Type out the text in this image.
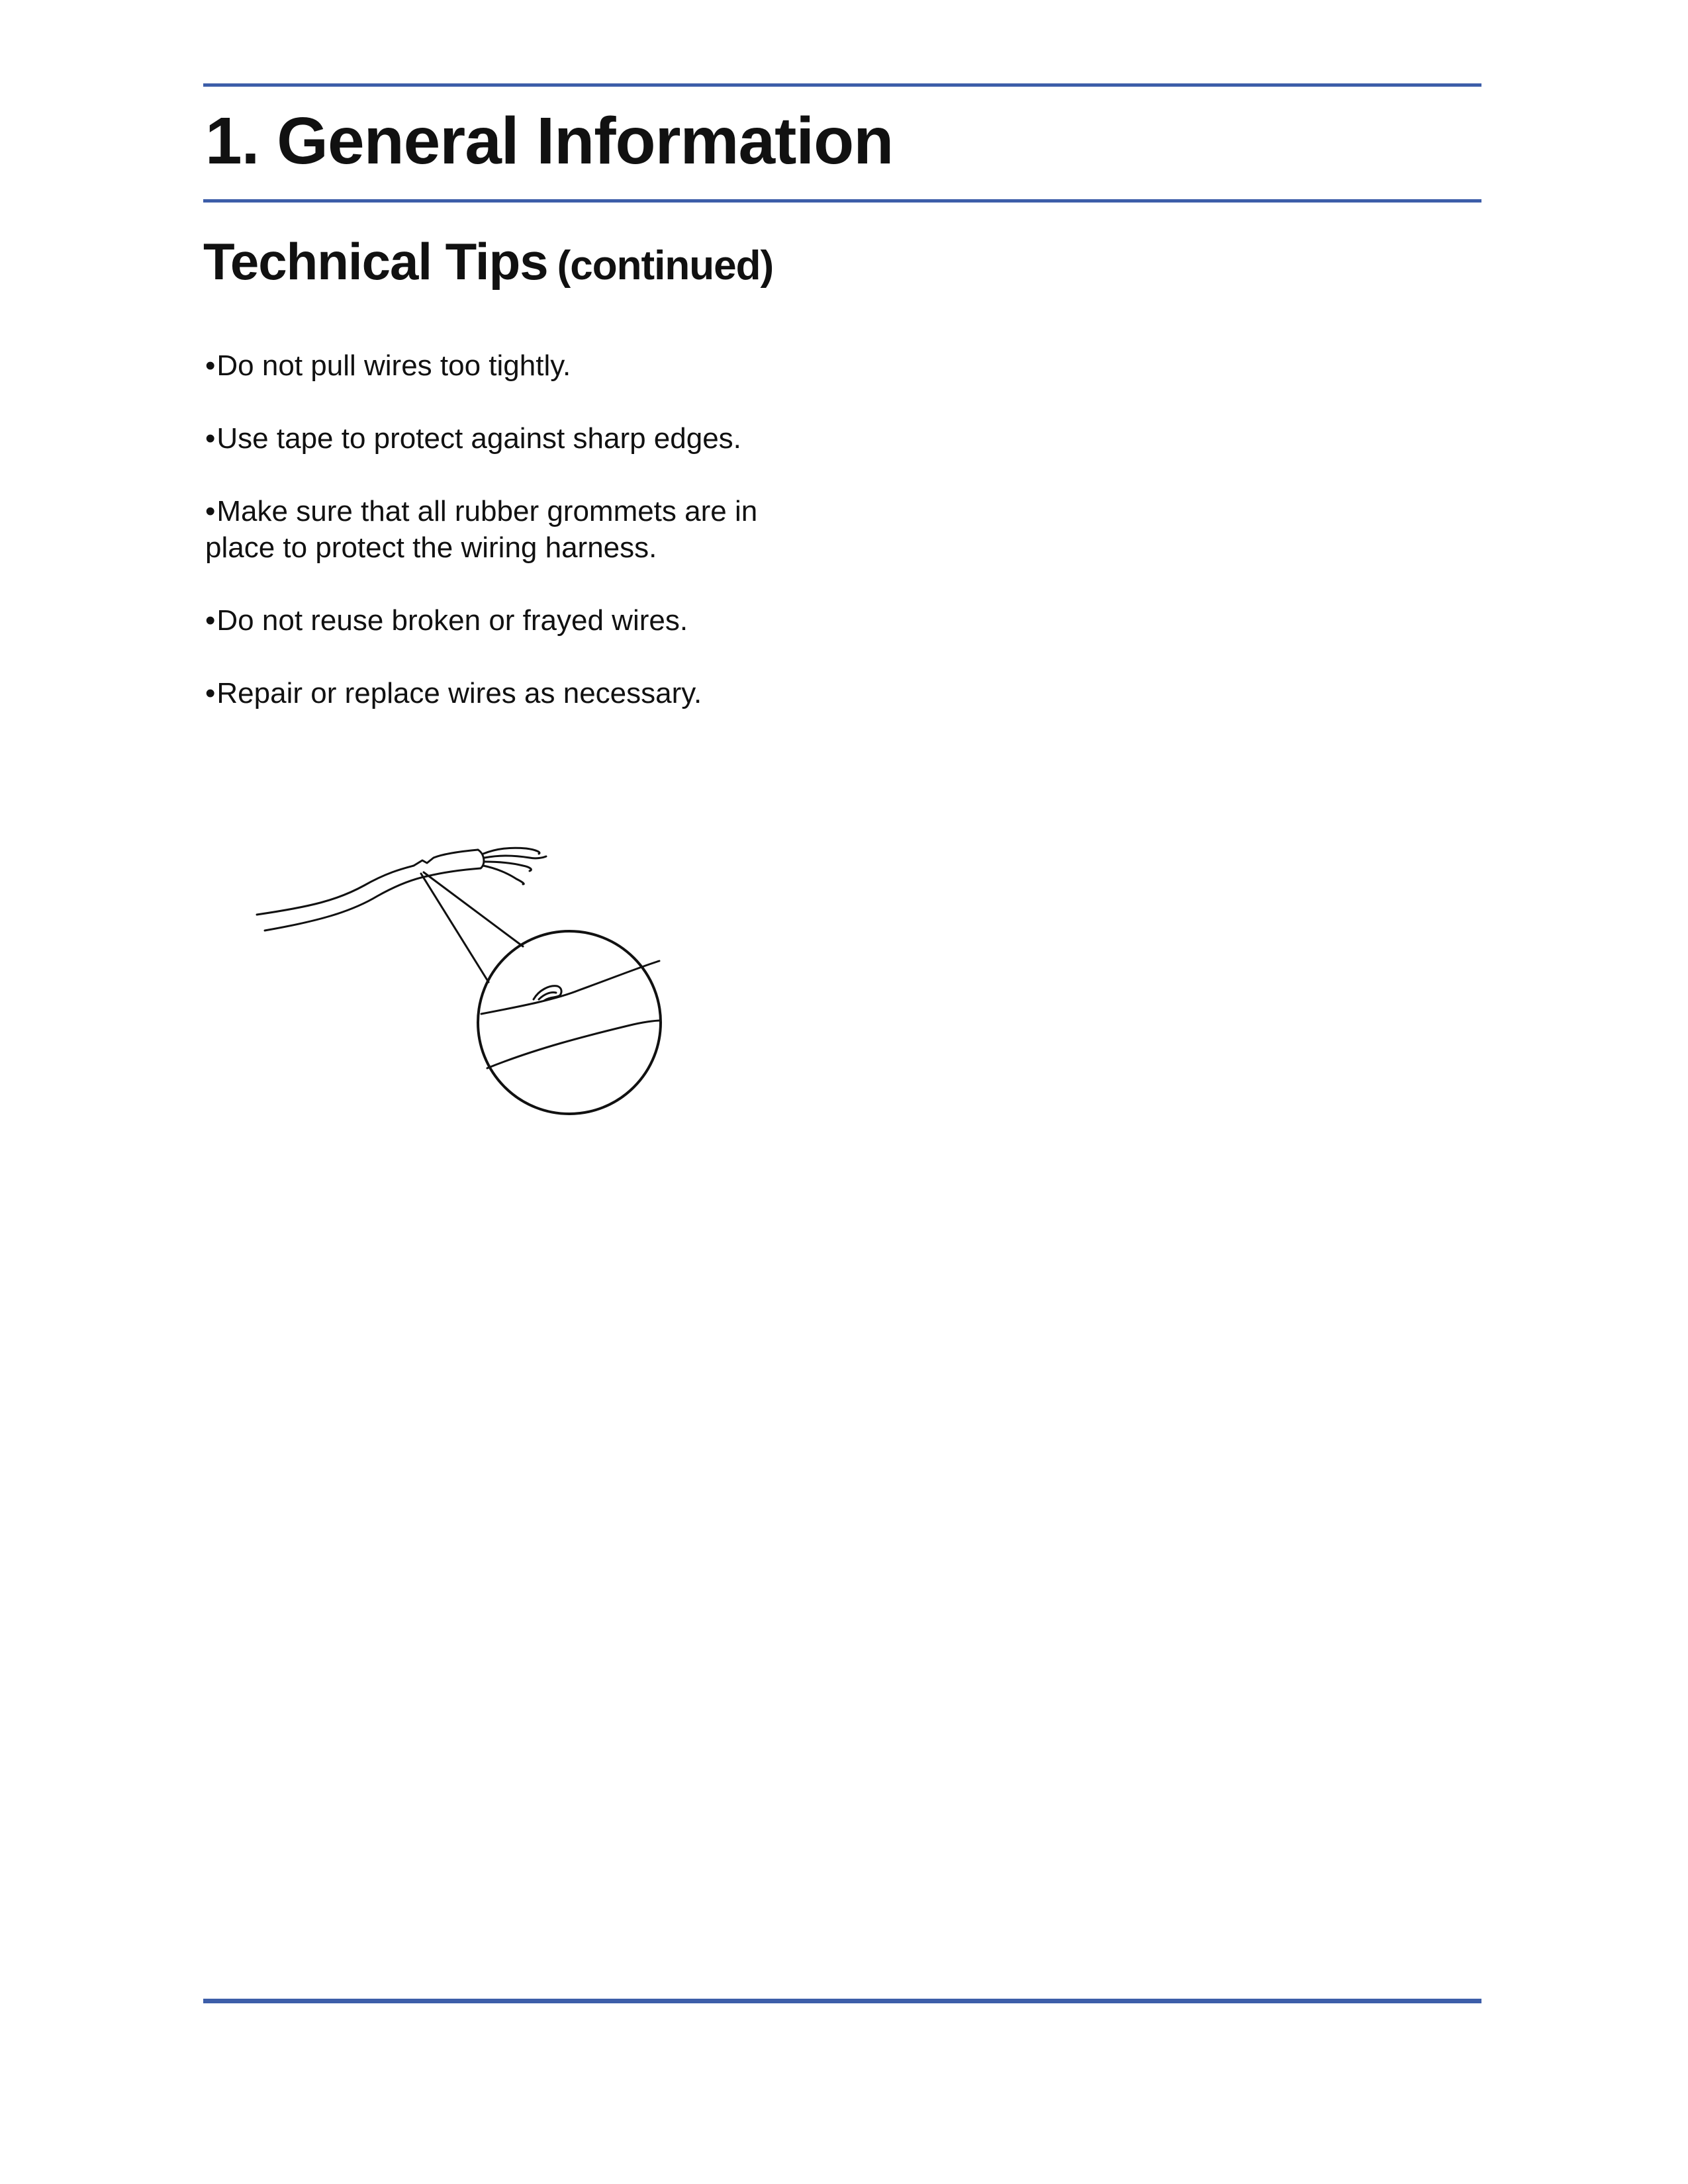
1. General Information
Technical Tips (continued)
•Do not pull wires too tightly.
•Use tape to protect against sharp edges.
•Make sure that all rubber grommets are in place to protect the wiring harness.
•Do not reuse broken or frayed wires.
•Repair or replace wires as necessary.
